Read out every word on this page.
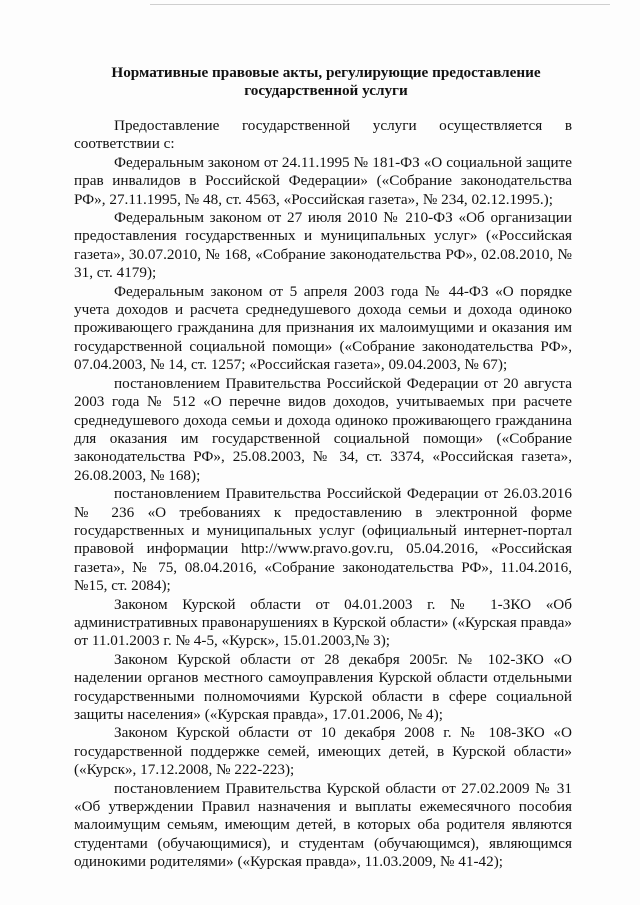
Нормативные правовые акты, регулирующие предоставление
государственной услуги

Предоставление государственной услуги осуществляется в соответствии с:

Федеральным законом от 24.11.1995 № 181-ФЗ «О социальной защите прав инвалидов в Российской Федерации» («Собрание законодательства РФ», 27.11.1995, № 48, ст. 4563, «Российская газета», № 234, 02.12.1995.);

Федеральным законом от 27 июля 2010 № 210-ФЗ «Об организации предоставления государственных и муниципальных услуг» («Российская газета», 30.07.2010, № 168, «Собрание законодательства РФ», 02.08.2010, № 31, ст. 4179);

Федеральным законом от 5 апреля 2003 года № 44-ФЗ «О порядке учета доходов и расчета среднедушевого дохода семьи и дохода одиноко проживающего гражданина для признания их малоимущими и оказания им государственной социальной помощи» («Собрание законодательства РФ», 07.04.2003, № 14, ст. 1257; «Российская газета», 09.04.2003, № 67);

постановлением Правительства Российской Федерации от 20 августа 2003 года № 512 «О перечне видов доходов, учитываемых при расчете среднедушевого дохода семьи и дохода одиноко проживающего гражданина для оказания им государственной социальной помощи» («Собрание законодательства РФ», 25.08.2003, № 34, ст. 3374, «Российская газета», 26.08.2003, № 168);

постановлением Правительства Российской Федерации от 26.03.2016 № 236 «О требованиях к предоставлению в электронной форме государственных и муниципальных услуг (официальный интернет-портал правовой информации http://www.pravo.gov.ru, 05.04.2016, «Российская газета», № 75, 08.04.2016, «Собрание законодательства РФ», 11.04.2016, №15, ст. 2084);

Законом Курской области от 04.01.2003 г. № 1-ЗКО «Об административных правонарушениях в Курской области» («Курская правда» от 11.01.2003 г. № 4-5, «Курск», 15.01.2003,№ 3);

Законом Курской области от 28 декабря 2005г. № 102-ЗКО «О наделении органов местного самоуправления Курской области отдельными государственными полномочиями Курской области в сфере социальной защиты населения» («Курская правда», 17.01.2006, № 4);

Законом Курской области от 10 декабря 2008 г. № 108-ЗКО «О государственной поддержке семей, имеющих детей, в Курской области» («Курск», 17.12.2008, № 222-223);

постановлением Правительства Курской области от 27.02.2009 № 31 «Об утверждении Правил назначения и выплаты ежемесячного пособия малоимущим семьям, имеющим детей, в которых оба родителя являются студентами (обучающимися), и студентам (обучающимся), являющимся одинокими родителями» («Курская правда», 11.03.2009, № 41-42);
